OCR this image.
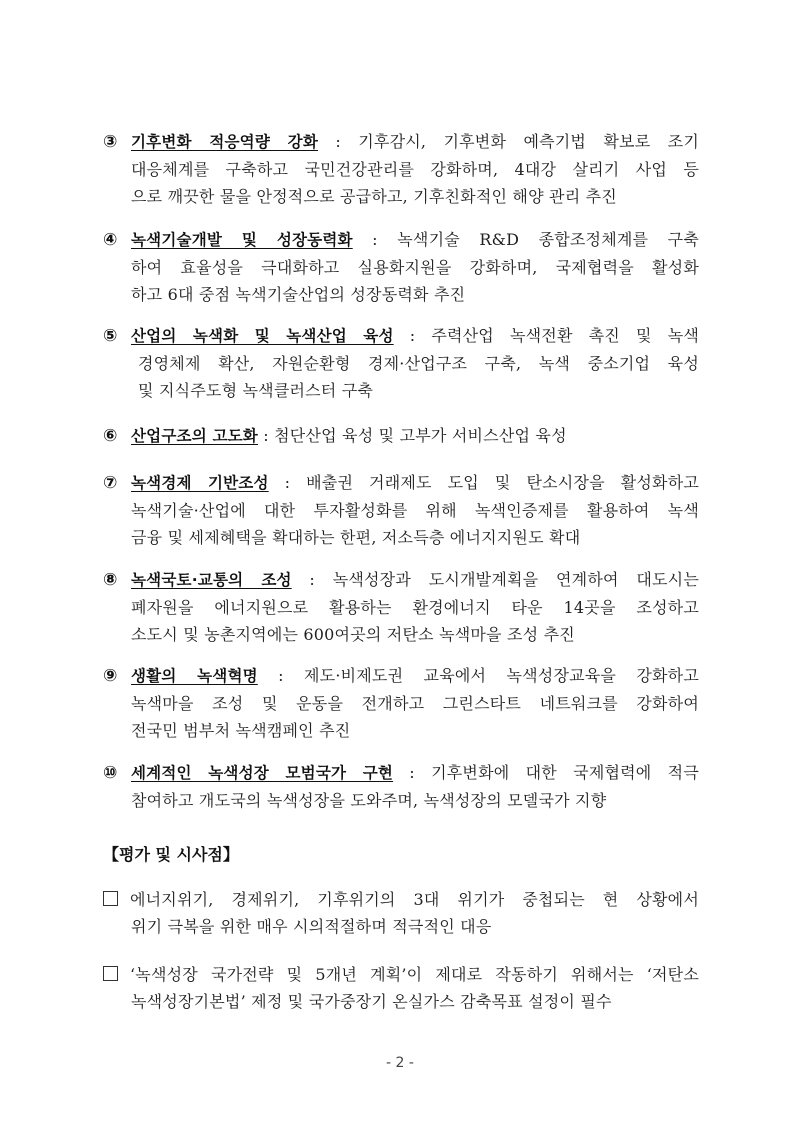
③ 기후변화 적응역량 강화 : 기후감시, 기후변화 예측기법 확보로 조기
대응체계를 구축하고 국민건강관리를 강화하며, 4대강 살리기 사업 등
으로 깨끗한 물을 안정적으로 공급하고, 기후친화적인 해양 관리 추진
④ 녹색기술개발 및 성장동력화 : 녹색기술 R&D 종합조정체계를 구축
하여 효율성을 극대화하고 실용화지원을 강화하며, 국제협력을 활성화
하고 6대 중점 녹색기술산업의 성장동력화 추진
⑤ 산업의 녹색화 및 녹색산업 육성 : 주력산업 녹색전환 촉진 및 녹색
경영체제 확산, 자원순환형 경제·산업구조 구축, 녹색 중소기업 육성
및 지식주도형 녹색클러스터 구축
⑥ 산업구조의 고도화 : 첨단산업 육성 및 고부가 서비스산업 육성
⑦ 녹색경제 기반조성 : 배출권 거래제도 도입 및 탄소시장을 활성화하고
녹색기술·산업에 대한 투자활성화를 위해 녹색인증제를 활용하여 녹색
금융 및 세제혜택을 확대하는 한편, 저소득층 에너지지원도 확대
⑧ 녹색국토·교통의 조성 : 녹색성장과 도시개발계획을 연계하여 대도시는
폐자원을 에너지원으로 활용하는 환경에너지 타운 14곳을 조성하고
소도시 및 농촌지역에는 600여곳의 저탄소 녹색마을 조성 추진
⑨ 생활의 녹색혁명 : 제도·비제도권 교육에서 녹색성장교육을 강화하고
녹색마을 조성 및 운동을 전개하고 그린스타트 네트워크를 강화하여
전국민 범부처 녹색캠페인 추진
⑩ 세계적인 녹색성장 모범국가 구현 : 기후변화에 대한 국제협력에 적극
참여하고 개도국의 녹색성장을 도와주며, 녹색성장의 모델국가 지향
【평가 및 시사점】
에너지위기, 경제위기, 기후위기의 3대 위기가 중첩되는 현 상황에서
위기 극복을 위한 매우 시의적절하며 적극적인 대응
‘녹색성장 국가전략 및 5개년 계획’이 제대로 작동하기 위해서는 ‘저탄소
녹색성장기본법’ 제정 및 국가중장기 온실가스 감축목표 설정이 필수
- 2 -
